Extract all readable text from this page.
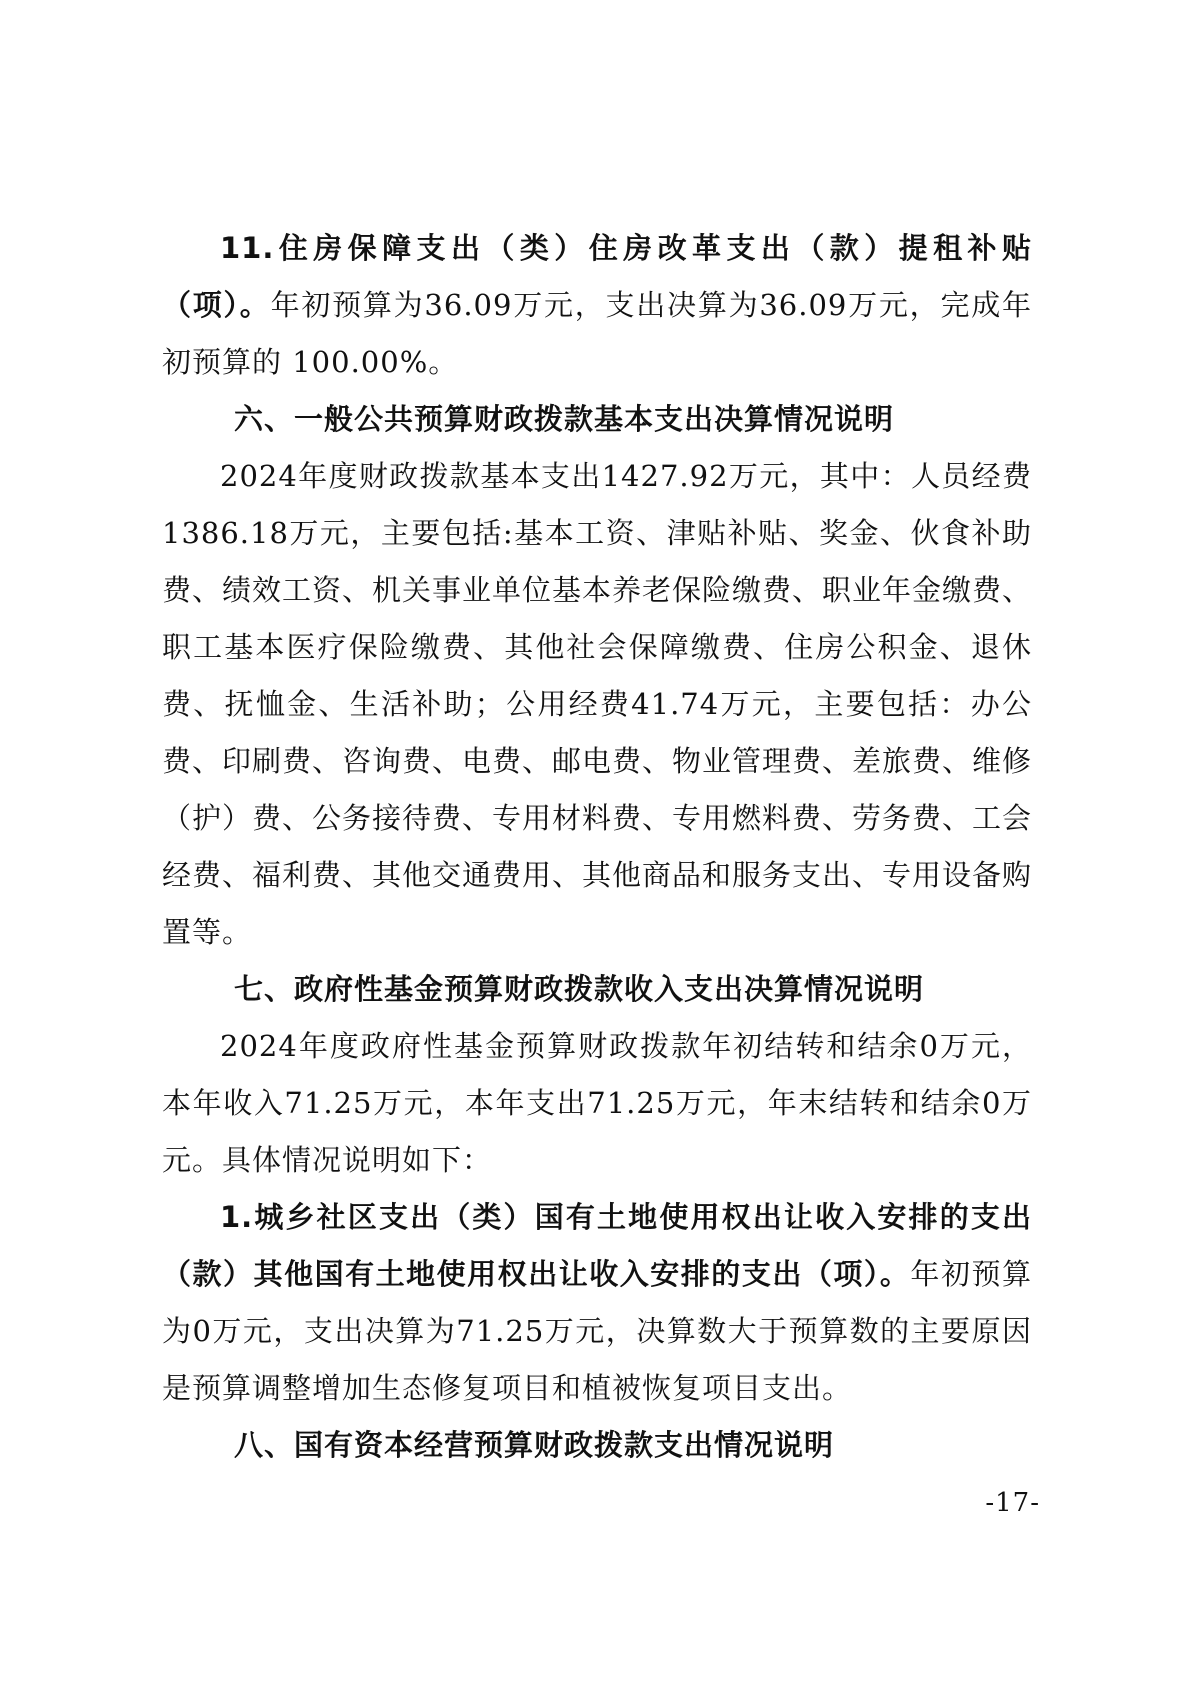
11.住房保障支出（类）住房改革支出（款）提租补贴（项）。年初预算为36.09万元，支出决算为36.09万元，完成年初预算的 100.00%。

六、一般公共预算财政拨款基本支出决算情况说明

2024年度财政拨款基本支出1427.92万元，其中：人员经费1386.18万元，主要包括:基本工资、津贴补贴、奖金、伙食补助费、绩效工资、机关事业单位基本养老保险缴费、职业年金缴费、职工基本医疗保险缴费、其他社会保障缴费、住房公积金、退休费、抚恤金、生活补助；公用经费41.74万元，主要包括：办公费、印刷费、咨询费、电费、邮电费、物业管理费、差旅费、维修（护）费、公务接待费、专用材料费、专用燃料费、劳务费、工会经费、福利费、其他交通费用、其他商品和服务支出、专用设备购置等。

七、政府性基金预算财政拨款收入支出决算情况说明

2024年度政府性基金预算财政拨款年初结转和结余0万元，本年收入71.25万元，本年支出71.25万元，年末结转和结余0万元。具体情况说明如下：

1.城乡社区支出（类）国有土地使用权出让收入安排的支出（款）其他国有土地使用权出让收入安排的支出（项）。年初预算为0万元，支出决算为71.25万元，决算数大于预算数的主要原因是预算调整增加生态修复项目和植被恢复项目支出。

八、国有资本经营预算财政拨款支出情况说明

-17-
